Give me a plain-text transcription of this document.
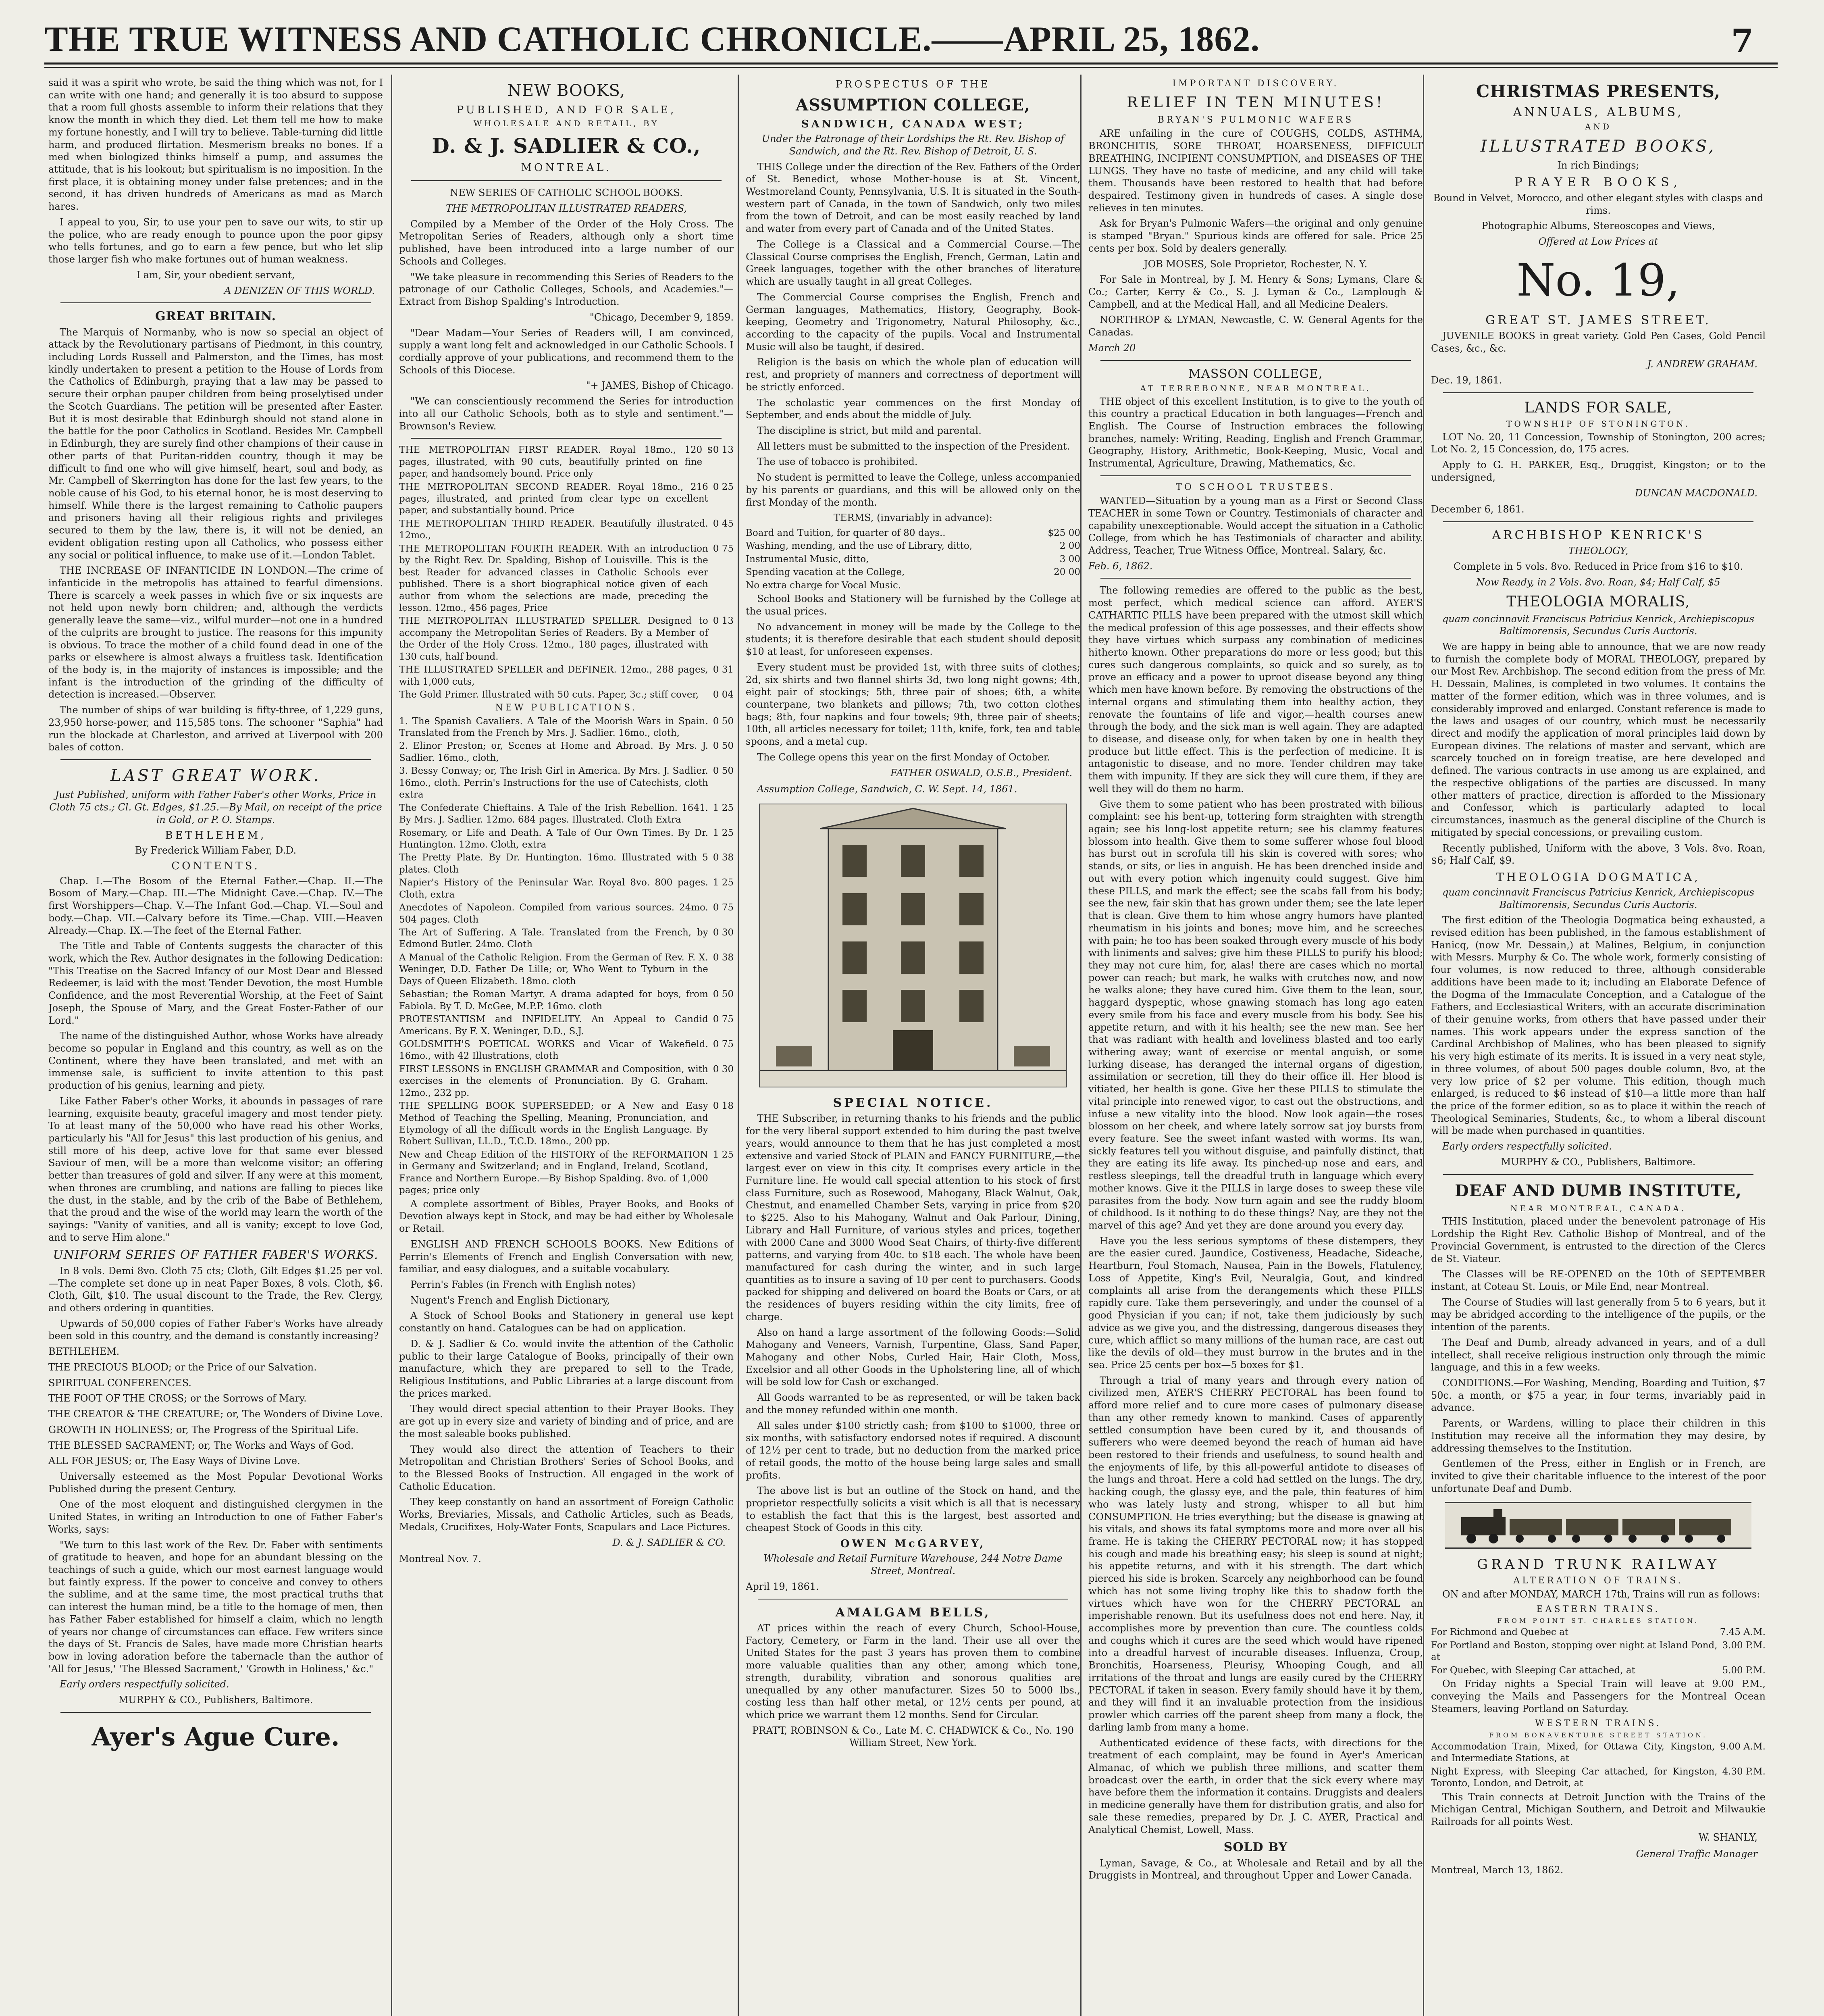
THE TRUE WITNESS AND CATHOLIC CHRONICLE.——APRIL 25, 1862.	7

said it was a spirit who wrote, be said the thing which was not, for I can write with one hand; and generally it is too absurd to suppose that a room full ghosts assemble to inform their relations that they know the month in which they died. Let them tell me how to make my fortune honestly, and I will try to believe. Table-turning did little harm, and produced flirtation. Mesmerism breaks no bones. If a med when biologized thinks himself a pump, and assumes the attitude, that is his lookout; but spiritualism is no imposition. In the first place, it is obtaining money under false pretences; and in the second, it has driven hundreds of Americans as mad as March hares.

I appeal to you, Sir, to use your pen to save our wits, to stir up the police, who are ready enough to pounce upon the poor gipsy who tells fortunes, and go to earn a few pence, but who let slip those larger fish who make fortunes out of human weakness.

I am, Sir, your obedient servant,

A DENIZEN OF THIS WORLD.
GREAT BRITAIN.

The Marquis of Normanby, who is now so special an object of attack by the Revolutionary partisans of Piedmont, in this country, including Lords Russell and Palmerston, and the Times, has most kindly undertaken to present a petition to the House of Lords from the Catholics of Edinburgh, praying that a law may be passed to secure their orphan pauper children from being proselytised under the Scotch Guardians. The petition will be presented after Easter. But it is most desirable that Edinburgh should not stand alone in the battle for the poor Catholics in Scotland. Besides Mr. Campbell in Edinburgh, they are surely find other champions of their cause in other parts of that Puritan-ridden country, though it may be difficult to find one who will give himself, heart, soul and body, as Mr. Campbell of Skerrington has done for the last few years, to the noble cause of his God, to his eternal honor, he is most deserving to himself. While there is the largest remaining to Catholic paupers and prisoners having all their religious rights and privileges secured to them by the law, there is, it will not be denied, an evident obligation resting upon all Catholics, who possess either any social or political influence, to make use of it.—London Tablet.

THE INCREASE OF INFANTICIDE IN LONDON.—The crime of infanticide in the metropolis has attained to fearful dimensions. There is scarcely a week passes in which five or six inquests are not held upon newly born children; and, although the verdicts generally leave the same—viz., wilful murder—not one in a hundred of the culprits are brought to justice. The reasons for this impunity is obvious. To trace the mother of a child found dead in one of the parks or elsewhere is almost always a fruitless task. Identification of the body is, in the majority of instances is impossible; and the infant is the introduction of the grinding of the difficulty of detection is increased.—Observer.

The number of ships of war building is fifty-three, of 1,229 guns, 23,950 horse-power, and 115,585 tons. The schooner "Saphia" had run the blockade at Charleston, and arrived at Liverpool with 200 bales of cotton.

LAST GREAT WORK.

Just Published, uniform with Father Faber's other Works, Price in Cloth 75 cts.; Cl. Gt. Edges, $1.25.—By Mail, on receipt of the price in Gold, or P. O. Stamps.

BETHLEHEM,

By Frederick William Faber, D.D.

CONTENTS.

Chap. I.—The Bosom of the Eternal Father.—Chap. II.—The Bosom of Mary.—Chap. III.—The Midnight Cave.—Chap. IV.—The first Worshippers—Chap. V.—The Infant God.—Chap. VI.—Soul and body.—Chap. VII.—Calvary before its Time.—Chap. VIII.—Heaven Already.—Chap. IX.—The feet of the Eternal Father.

The Title and Table of Contents suggests the character of this work, which the Rev. Author designates in the following Dedication: "This Treatise on the Sacred Infancy of our Most Dear and Blessed Redeemer, is laid with the most Tender Devotion, the most Humble Confidence, and the most Reverential Worship, at the Feet of Saint Joseph, the Spouse of Mary, and the Great Foster-Father of our Lord."

The name of the distinguished Author, whose Works have already become so popular in England and this country, as well as on the Continent, where they have been translated, and met with an immense sale, is sufficient to invite attention to this past production of his genius, learning and piety.

Like Father Faber's other Works, it abounds in passages of rare learning, exquisite beauty, graceful imagery and most tender piety. To at least many of the 50,000 who have read his other Works, particularly his "All for Jesus" this last production of his genius, and still more of his deep, active love for that same ever blessed Saviour of men, will be a more than welcome visitor; an offering better than treasures of gold and silver. If any were at this moment, when thrones are crumbling, and nations are falling to pieces like the dust, in the stable, and by the crib of the Babe of Bethlehem, that the proud and the wise of the world may learn the worth of the sayings: "Vanity of vanities, and all is vanity; except to love God, and to serve Him alone."

UNIFORM SERIES OF FATHER FABER'S WORKS.

In 8 vols. Demi 8vo. Cloth 75 cts; Cloth, Gilt Edges $1.25 per vol.—The complete set done up in neat Paper Boxes, 8 vols. Cloth, $6. Cloth, Gilt, $10. The usual discount to the Trade, the Rev. Clergy, and others ordering in quantities.

Upwards of 50,000 copies of Father Faber's Works have already been sold in this country, and the demand is constantly increasing?

BETHLEHEM.

THE PRECIOUS BLOOD; or the Price of our Salvation.

SPIRITUAL CONFERENCES.

THE FOOT OF THE CROSS; or the Sorrows of Mary.

THE CREATOR & THE CREATURE; or, The Wonders of Divine Love.

GROWTH IN HOLINESS; or, The Progress of the Spiritual Life.

THE BLESSED SACRAMENT; or, The Works and Ways of God.

ALL FOR JESUS; or, The Easy Ways of Divine Love.

Universally esteemed as the Most Popular Devotional Works Published during the present Century.

One of the most eloquent and distinguished clergymen in the United States, in writing an Introduction to one of Father Faber's Works, says:

"We turn to this last work of the Rev. Dr. Faber with sentiments of gratitude to heaven, and hope for an abundant blessing on the teachings of such a guide, which our most earnest language would but faintly express. If the power to conceive and convey to others the sublime, and at the same time, the most practical truths that can interest the human mind, be a title to the homage of men, then has Father Faber established for himself a claim, which no length of years nor change of circumstances can efface. Few writers since the days of St. Francis de Sales, have made more Christian hearts bow in loving adoration before the tabernacle than the author of 'All for Jesus,' 'The Blessed Sacrament,' 'Growth in Holiness,' &c."

Early orders respectfully solicited.

MURPHY & CO., Publishers, Baltimore.

Ayer's Ague Cure.
NEW BOOKS,
PUBLISHED, AND FOR SALE,
WHOLESALE AND RETAIL, BY
D. & J. SADLIER & CO.,
MONTREAL.

NEW SERIES OF CATHOLIC SCHOOL BOOKS.

THE METROPOLITAN ILLUSTRATED READERS,

Compiled by a Member of the Order of the Holy Cross. The Metropolitan Series of Readers, although only a short time published, have been introduced into a large number of our Schools and Colleges.

"We take pleasure in recommending this Series of Readers to the patronage of our Catholic Colleges, Schools, and Academies."—Extract from Bishop Spalding's Introduction.

"Chicago, December 9, 1859.

"Dear Madam—Your Series of Readers will, I am convinced, supply a want long felt and acknowledged in our Catholic Schools. I cordially approve of your publications, and recommend them to the Schools of this Diocese.

"+ JAMES, Bishop of Chicago.

"We can conscientiously recommend the Series for introduction into all our Catholic Schools, both as to style and sentiment."—Brownson's Review.

THE METROPOLITAN FIRST READER. Royal 18mo., 120 pages, illustrated, with 90 cuts, beautifully printed on fine paper, and handsomely bound. Price only
$0 13
THE METROPOLITAN SECOND READER. Royal 18mo., 216 pages, illustrated, and printed from clear type on excellent paper, and substantially bound. Price
0 25
THE METROPOLITAN THIRD READER. Beautifully illustrated. 12mo.,
0 45
THE METROPOLITAN FOURTH READER. With an introduction by the Right Rev. Dr. Spalding, Bishop of Louisville. This is the best Reader for advanced classes in Catholic Schools ever published. There is a short biographical notice given of each author from whom the selections are made, preceding the lesson. 12mo., 456 pages, Price
0 75
THE METROPOLITAN ILLUSTRATED SPELLER. Designed to accompany the Metropolitan Series of Readers. By a Member of the Order of the Holy Cross. 12mo., 180 pages, illustrated with 130 cuts, half bound.
0 13
THE ILLUSTRATED SPELLER and DEFINER. 12mo., 288 pages, with 1,000 cuts,
0 31
The Gold Primer. Illustrated with 50 cuts. Paper, 3c.; stiff cover,	0 04
NEW PUBLICATIONS.
1. The Spanish Cavaliers. A Tale of the Moorish Wars in Spain. Translated from the French by Mrs. J. Sadlier. 16mo., cloth,
0 50
2. Elinor Preston; or, Scenes at Home and Abroad. By Mrs. J. Sadlier. 16mo., cloth,
0 50
3. Bessy Conway; or, The Irish Girl in America. By Mrs. J. Sadlier. 16mo., cloth. Perrin's Instructions for the use of Catechists, cloth extra
0 50
The Confederate Chieftains. A Tale of the Irish Rebellion. 1641. By Mrs. J. Sadlier. 12mo. 684 pages. Illustrated. Cloth Extra
1 25
Rosemary, or Life and Death. A Tale of Our Own Times. By Dr. Huntington. 12mo. Cloth, extra
1 25
The Pretty Plate. By Dr. Huntington. 16mo. Illustrated with 5 plates. Cloth
0 38
Napier's History of the Peninsular War. Royal 8vo. 800 pages. Cloth, extra
1 25
Anecdotes of Napoleon. Compiled from various sources. 24mo. 504 pages. Cloth
0 75
The Art of Suffering. A Tale. Translated from the French, by Edmond Butler. 24mo. Cloth
0 30
A Manual of the Catholic Religion. From the German of Rev. F. X. Weninger, D.D. Father De Lille; or, Who Went to Tyburn in the Days of Queen Elizabeth. 18mo. cloth
0 38
Sebastian; the Roman Martyr. A drama adapted for boys, from Fabiola. By T. D. McGee, M.P.P. 16mo. cloth
0 50
PROTESTANTISM and INFIDELITY. An Appeal to Candid Americans. By F. X. Weninger, D.D., S.J.
0 75
GOLDSMITH'S POETICAL WORKS and Vicar of Wakefield. 16mo., with 42 Illustrations, cloth
0 75
FIRST LESSONS in ENGLISH GRAMMAR and Composition, with exercises in the elements of Pronunciation. By G. Graham. 12mo., 232 pp.
0 30
THE SPELLING BOOK SUPERSEDED; or A New and Easy Method of Teaching the Spelling, Meaning, Pronunciation, and Etymology of all the difficult words in the English Language. By Robert Sullivan, LL.D., T.C.D. 18mo., 200 pp.
0 18
New and Cheap Edition of the HISTORY of the REFORMATION in Germany and Switzerland; and in England, Ireland, Scotland, France and Northern Europe.—By Bishop Spalding. 8vo. of 1,000 pages; price only
1 25

A complete assortment of Bibles, Prayer Books, and Books of Devotion always kept in Stock, and may be had either by Wholesale or Retail.

ENGLISH AND FRENCH SCHOOLS BOOKS. New Editions of Perrin's Elements of French and English Conversation with new, familiar, and easy dialogues, and a suitable vocabulary.

Perrin's Fables (in French with English notes)

Nugent's French and English Dictionary,

A Stock of School Books and Stationery in general use kept constantly on hand. Catalogues can be had on application.

D. & J. Sadlier & Co. would invite the attention of the Catholic public to their large Catalogue of Books, principally of their own manufacture, which they are prepared to sell to the Trade, Religious Institutions, and Public Libraries at a large discount from the prices marked.

They would direct special attention to their Prayer Books. They are got up in every size and variety of binding and of price, and are the most saleable books published.

They would also direct the attention of Teachers to their Metropolitan and Christian Brothers' Series of School Books, and to the Blessed Books of Instruction. All engaged in the work of Catholic Education.

They keep constantly on hand an assortment of Foreign Catholic Works, Breviaries, Missals, and Catholic Articles, such as Beads, Medals, Crucifixes, Holy-Water Fonts, Scapulars and Lace Pictures.

D. & J. SADLIER & CO.

Montreal Nov. 7.

PROSPECTUS OF THE
ASSUMPTION COLLEGE,
SANDWICH, CANADA WEST;

Under the Patronage of their Lordships the Rt. Rev. Bishop of Sandwich, and the Rt. Rev. Bishop of Detroit, U. S.

THIS College under the direction of the Rev. Fathers of the Order of St. Benedict, whose Mother-house is at St. Vincent, Westmoreland County, Pennsylvania, U.S. It is situated in the South-western part of Canada, in the town of Sandwich, only two miles from the town of Detroit, and can be most easily reached by land and water from every part of Canada and of the United States.

The College is a Classical and a Commercial Course.—The Classical Course comprises the English, French, German, Latin and Greek languages, together with the other branches of literature which are usually taught in all great Colleges.

The Commercial Course comprises the English, French and German languages, Mathematics, History, Geography, Book-keeping, Geometry and Trigonometry, Natural Philosophy, &c., according to the capacity of the pupils. Vocal and Instrumental Music will also be taught, if desired.

Religion is the basis on which the whole plan of education will rest, and propriety of manners and correctness of deportment will be strictly enforced.

The scholastic year commences on the first Monday of September, and ends about the middle of July.

The discipline is strict, but mild and parental.

All letters must be submitted to the inspection of the President.

The use of tobacco is prohibited.

No student is permitted to leave the College, unless accompanied by his parents or guardians, and this will be allowed only on the first Monday of the month.

TERMS, (invariably in advance):

Board and Tuition, for quarter of 80 days..	$25 00
Washing, mending, and the use of Library, ditto,	2 00
Instrumental Music, ditto,	3 00
Spending vacation at the College,	20 00
No extra charge for Vocal Music.

School Books and Stationery will be furnished by the College at the usual prices.

No advancement in money will be made by the College to the students; it is therefore desirable that each student should deposit $10 at least, for unforeseen expenses.

Every student must be provided 1st, with three suits of clothes; 2d, six shirts and two flannel shirts 3d, two long night gowns; 4th, eight pair of stockings; 5th, three pair of shoes; 6th, a white counterpane, two blankets and pillows; 7th, two cotton clothes bags; 8th, four napkins and four towels; 9th, three pair of sheets; 10th, all articles necessary for toilet; 11th, knife, fork, tea and table spoons, and a metal cup.

The College opens this year on the first Monday of October.

FATHER OSWALD, O.S.B., President.

Assumption College, Sandwich, C. W. Sept. 14, 1861.

SPECIAL NOTICE.

THE Subscriber, in returning thanks to his friends and the public for the very liberal support extended to him during the past twelve years, would announce to them that he has just completed a most extensive and varied Stock of PLAIN and FANCY FURNITURE,—the largest ever on view in this city. It comprises every article in the Furniture line. He would call special attention to his stock of first class Furniture, such as Rosewood, Mahogany, Black Walnut, Oak, Chestnut, and enamelled Chamber Sets, varying in price from $20 to $225. Also to his Mahogany, Walnut and Oak Parlour, Dining, Library and Hall Furniture, of various styles and prices, together with 2000 Cane and 3000 Wood Seat Chairs, of thirty-five different patterns, and varying from 40c. to $18 each. The whole have been manufactured for cash during the winter, and in such large quantities as to insure a saving of 10 per cent to purchasers. Goods packed for shipping and delivered on board the Boats or Cars, or at the residences of buyers residing within the city limits, free of charge.

Also on hand a large assortment of the following Goods:—Solid Mahogany and Veneers, Varnish, Turpentine, Glass, Sand Paper, Mahogany and other Nobs, Curled Hair, Hair Cloth, Moss, Excelsior and all other Goods in the Upholstering line, all of which will be sold low for Cash or exchanged.

All Goods warranted to be as represented, or will be taken back and the money refunded within one month.

All sales under $100 strictly cash; from $100 to $1000, three or six months, with satisfactory endorsed notes if required. A discount of 12½ per cent to trade, but no deduction from the marked price of retail goods, the motto of the house being large sales and small profits.

The above list is but an outline of the Stock on hand, and the proprietor respectfully solicits a visit which is all that is necessary to establish the fact that this is the largest, best assorted and cheapest Stock of Goods in this city.

OWEN McGARVEY,

Wholesale and Retail Furniture Warehouse, 244 Notre Dame Street, Montreal.

April 19, 1861.

AMALGAM BELLS,

AT prices within the reach of every Church, School-House, Factory, Cemetery, or Farm in the land. Their use all over the United States for the past 3 years has proven them to combine more valuable qualities than any other, among which tone, strength, durability, vibration and sonorous qualities are unequalled by any other manufacturer. Sizes 50 to 5000 lbs., costing less than half other metal, or 12½ cents per pound, at which price we warrant them 12 months. Send for Circular.

PRATT, ROBINSON & Co., Late M. C. CHADWICK & Co., No. 190 William Street, New York.

IMPORTANT DISCOVERY.
RELIEF IN TEN MINUTES!
BRYAN'S PULMONIC WAFERS

ARE unfailing in the cure of COUGHS, COLDS, ASTHMA, BRONCHITIS, SORE THROAT, HOARSENESS, DIFFICULT BREATHING, INCIPIENT CONSUMPTION, and DISEASES OF THE LUNGS. They have no taste of medicine, and any child will take them. Thousands have been restored to health that had before despaired. Testimony given in hundreds of cases. A single dose relieves in ten minutes.

Ask for Bryan's Pulmonic Wafers—the original and only genuine is stamped "Bryan." Spurious kinds are offered for sale. Price 25 cents per box. Sold by dealers generally.

JOB MOSES, Sole Proprietor, Rochester, N. Y.

For Sale in Montreal, by J. M. Henry & Sons; Lymans, Clare & Co.; Carter, Kerry & Co., S. J. Lyman & Co., Lamplough & Campbell, and at the Medical Hall, and all Medicine Dealers.

NORTHROP & LYMAN, Newcastle, C. W. General Agents for the Canadas.

March 20

MASSON COLLEGE,
AT TERREBONNE, NEAR MONTREAL.

THE object of this excellent Institution, is to give to the youth of this country a practical Education in both languages—French and English. The Course of Instruction embraces the following branches, namely: Writing, Reading, English and French Grammar, Geography, History, Arithmetic, Book-Keeping, Music, Vocal and Instrumental, Agriculture, Drawing, Mathematics, &c.

TO SCHOOL TRUSTEES.

WANTED—Situation by a young man as a First or Second Class TEACHER in some Town or Country. Testimonials of character and capability unexceptionable. Would accept the situation in a Catholic College, from which he has Testimonials of character and ability. Address, Teacher, True Witness Office, Montreal. Salary, &c.

Feb. 6, 1862.

The following remedies are offered to the public as the best, most perfect, which medical science can afford. AYER'S CATHARTIC PILLS have been prepared with the utmost skill which the medical profession of this age possesses, and their effects show they have virtues which surpass any combination of medicines hitherto known. Other preparations do more or less good; but this cures such dangerous complaints, so quick and so surely, as to prove an efficacy and a power to uproot disease beyond any thing which men have known before. By removing the obstructions of the internal organs and stimulating them into healthy action, they renovate the fountains of life and vigor,—health courses anew through the body, and the sick man is well again. They are adapted to disease, and disease only, for when taken by one in health they produce but little effect. This is the perfection of medicine. It is antagonistic to disease, and no more. Tender children may take them with impunity. If they are sick they will cure them, if they are well they will do them no harm.

Give them to some patient who has been prostrated with bilious complaint: see his bent-up, tottering form straighten with strength again; see his long-lost appetite return; see his clammy features blossom into health. Give them to some sufferer whose foul blood has burst out in scrofula till his skin is covered with sores; who stands, or sits, or lies in anguish. He has been drenched inside and out with every potion which ingenuity could suggest. Give him these PILLS, and mark the effect; see the scabs fall from his body; see the new, fair skin that has grown under them; see the late leper that is clean. Give them to him whose angry humors have planted rheumatism in his joints and bones; move him, and he screeches with pain; he too has been soaked through every muscle of his body with liniments and salves; give him these PILLS to purify his blood; they may not cure him, for, alas! there are cases which no mortal power can reach; but mark, he walks with crutches now, and now he walks alone; they have cured him. Give them to the lean, sour, haggard dyspeptic, whose gnawing stomach has long ago eaten every smile from his face and every muscle from his body. See his appetite return, and with it his health; see the new man. See her that was radiant with health and loveliness blasted and too early withering away; want of exercise or mental anguish, or some lurking disease, has deranged the internal organs of digestion, assimilation or secretion, till they do their office ill. Her blood is vitiated, her health is gone. Give her these PILLS to stimulate the vital principle into renewed vigor, to cast out the obstructions, and infuse a new vitality into the blood. Now look again—the roses blossom on her cheek, and where lately sorrow sat joy bursts from every feature. See the sweet infant wasted with worms. Its wan, sickly features tell you without disguise, and painfully distinct, that they are eating its life away. Its pinched-up nose and ears, and restless sleepings, tell the dreadful truth in language which every mother knows. Give it the PILLS in large doses to sweep these vile parasites from the body. Now turn again and see the ruddy bloom of childhood. Is it nothing to do these things? Nay, are they not the marvel of this age? And yet they are done around you every day.

Have you the less serious symptoms of these distempers, they are the easier cured. Jaundice, Costiveness, Headache, Sideache, Heartburn, Foul Stomach, Nausea, Pain in the Bowels, Flatulency, Loss of Appetite, King's Evil, Neuralgia, Gout, and kindred complaints all arise from the derangements which these PILLS rapidly cure. Take them perseveringly, and under the counsel of a good Physician if you can; if not, take them judiciously by such advice as we give you, and the distressing, dangerous diseases they cure, which afflict so many millions of the human race, are cast out like the devils of old—they must burrow in the brutes and in the sea. Price 25 cents per box—5 boxes for $1.

Through a trial of many years and through every nation of civilized men, AYER'S CHERRY PECTORAL has been found to afford more relief and to cure more cases of pulmonary disease than any other remedy known to mankind. Cases of apparently settled consumption have been cured by it, and thousands of sufferers who were deemed beyond the reach of human aid have been restored to their friends and usefulness, to sound health and the enjoyments of life, by this all-powerful antidote to diseases of the lungs and throat. Here a cold had settled on the lungs. The dry, hacking cough, the glassy eye, and the pale, thin features of him who was lately lusty and strong, whisper to all but him CONSUMPTION. He tries everything; but the disease is gnawing at his vitals, and shows its fatal symptoms more and more over all his frame. He is taking the CHERRY PECTORAL now; it has stopped his cough and made his breathing easy; his sleep is sound at night; his appetite returns, and with it his strength. The dart which pierced his side is broken. Scarcely any neighborhood can be found which has not some living trophy like this to shadow forth the virtues which have won for the CHERRY PECTORAL an imperishable renown. But its usefulness does not end here. Nay, it accomplishes more by prevention than cure. The countless colds and coughs which it cures are the seed which would have ripened into a dreadful harvest of incurable diseases. Influenza, Croup, Bronchitis, Hoarseness, Pleurisy, Whooping Cough, and all irritations of the throat and lungs are easily cured by the CHERRY PECTORAL if taken in season. Every family should have it by them, and they will find it an invaluable protection from the insidious prowler which carries off the parent sheep from many a flock, the darling lamb from many a home.

Authenticated evidence of these facts, with directions for the treatment of each complaint, may be found in Ayer's American Almanac, of which we publish three millions, and scatter them broadcast over the earth, in order that the sick every where may have before them the information it contains. Druggists and dealers in medicine generally have them for distribution gratis, and also for sale these remedies, prepared by Dr. J. C. AYER, Practical and Analytical Chemist, Lowell, Mass.

SOLD BY

Lyman, Savage, & Co., at Wholesale and Retail and by all the Druggists in Montreal, and throughout Upper and Lower Canada.

CHRISTMAS PRESENTS,
ANNUALS, ALBUMS,
AND
ILLUSTRATED BOOKS,

In rich Bindings;

PRAYER BOOKS,

Bound in Velvet, Morocco, and other elegant styles with clasps and rims.

Photographic Albums, Stereoscopes and Views,

Offered at Low Prices at

No. 19,
GREAT ST. JAMES STREET.

JUVENILE BOOKS in great variety. Gold Pen Cases, Gold Pencil Cases, &c., &c.

J. ANDREW GRAHAM.

Dec. 19, 1861.

LANDS FOR SALE,
TOWNSHIP OF STONINGTON.

LOT No. 20, 11 Concession, Township of Stonington, 200 acres; Lot No. 2, 15 Concession, do, 175 acres.

Apply to G. H. PARKER, Esq., Druggist, Kingston; or to the undersigned,

DUNCAN MACDONALD.

December 6, 1861.

ARCHBISHOP KENRICK'S

THEOLOGY,

Complete in 5 vols. 8vo. Reduced in Price from $16 to $10.

Now Ready, in 2 Vols. 8vo. Roan, $4; Half Calf, $5

THEOLOGIA MORALIS,

quam concinnavit Franciscus Patricius Kenrick, Archiepiscopus Baltimorensis, Secundus Curis Auctoris.

We are happy in being able to announce, that we are now ready to furnish the complete body of MORAL THEOLOGY, prepared by our Most Rev. Archbishop. The second edition from the press of Mr. H. Dessain, Malines, is completed in two volumes. It contains the matter of the former edition, which was in three volumes, and is considerably improved and enlarged. Constant reference is made to the laws and usages of our country, which must be necessarily direct and modify the application of moral principles laid down by European divines. The relations of master and servant, which are scarcely touched on in foreign treatise, are here developed and defined. The various contracts in use among us are explained, and the respective obligations of the parties are discussed. In many other matters of practice, direction is afforded to the Missionary and Confessor, which is particularly adapted to local circumstances, inasmuch as the general discipline of the Church is mitigated by special concessions, or prevailing custom.

Recently published, Uniform with the above, 3 Vols. 8vo. Roan, $6; Half Calf, $9.

THEOLOGIA DOGMATICA,

quam concinnavit Franciscus Patricius Kenrick, Archiepiscopus Baltimorensis, Secundus Curis Auctoris.

The first edition of the Theologia Dogmatica being exhausted, a revised edition has been published, in the famous establishment of Hanicq, (now Mr. Dessain,) at Malines, Belgium, in conjunction with Messrs. Murphy & Co. The whole work, formerly consisting of four volumes, is now reduced to three, although considerable additions have been made to it; including an Elaborate Defence of the Dogma of the Immaculate Conception, and a Catalogue of the Fathers, and Ecclesiastical Writers, with an accurate discrimination of their genuine works, from others that have passed under their names. This work appears under the express sanction of the Cardinal Archbishop of Malines, who has been pleased to signify his very high estimate of its merits. It is issued in a very neat style, in three volumes, of about 500 pages double column, 8vo, at the very low price of $2 per volume. This edition, though much enlarged, is reduced to $6 instead of $10—a little more than half the price of the former edition, so as to place it within the reach of Theological Seminaries, Students, &c., to whom a liberal discount will be made when purchased in quantities.

Early orders respectfully solicited.

MURPHY & CO., Publishers, Baltimore.

DEAF AND DUMB INSTITUTE,
NEAR MONTREAL, CANADA.

THIS Institution, placed under the benevolent patronage of His Lordship the Right Rev. Catholic Bishop of Montreal, and of the Provincial Government, is entrusted to the direction of the Clercs de St. Viateur.

The Classes will be RE-OPENED on the 10th of SEPTEMBER instant, at Coteau St. Louis, or Mile End, near Montreal.

The Course of Studies will last generally from 5 to 6 years, but it may be abridged according to the intelligence of the pupils, or the intention of the parents.

The Deaf and Dumb, already advanced in years, and of a dull intellect, shall receive religious instruction only through the mimic language, and this in a few weeks.

CONDITIONS.—For Washing, Mending, Boarding and Tuition, $7 50c. a month, or $75 a year, in four terms, invariably paid in advance.

Parents, or Wardens, willing to place their children in this Institution may receive all the information they may desire, by addressing themselves to the Institution.

Gentlemen of the Press, either in English or in French, are invited to give their charitable influence to the interest of the poor unfortunate Deaf and Dumb.

GRAND TRUNK RAILWAY
ALTERATION OF TRAINS.

ON and after MONDAY, MARCH 17th, Trains will run as follows:

EASTERN TRAINS.
FROM POINT ST. CHARLES STATION.
For Richmond and Quebec at	7.45 A.M.
For Portland and Boston, stopping over night at Island Pond, at
3.00 P.M.
For Quebec, with Sleeping Car attached, at	5.00 P.M.

On Friday nights a Special Train will leave at 9.00 P.M., conveying the Mails and Passengers for the Montreal Ocean Steamers, leaving Portland on Saturday.

WESTERN TRAINS.
FROM BONAVENTURE STREET STATION.
Accommodation Train, Mixed, for Ottawa City, Kingston, and Intermediate Stations, at
9.00 A.M.
Night Express, with Sleeping Car attached, for Kingston, Toronto, London, and Detroit, at
4.30 P.M.

This Train connects at Detroit Junction with the Trains of the Michigan Central, Michigan Southern, and Detroit and Milwaukie Railroads for all points West.

W. SHANLY,
General Traffic Manager

Montreal, March 13, 1862.
